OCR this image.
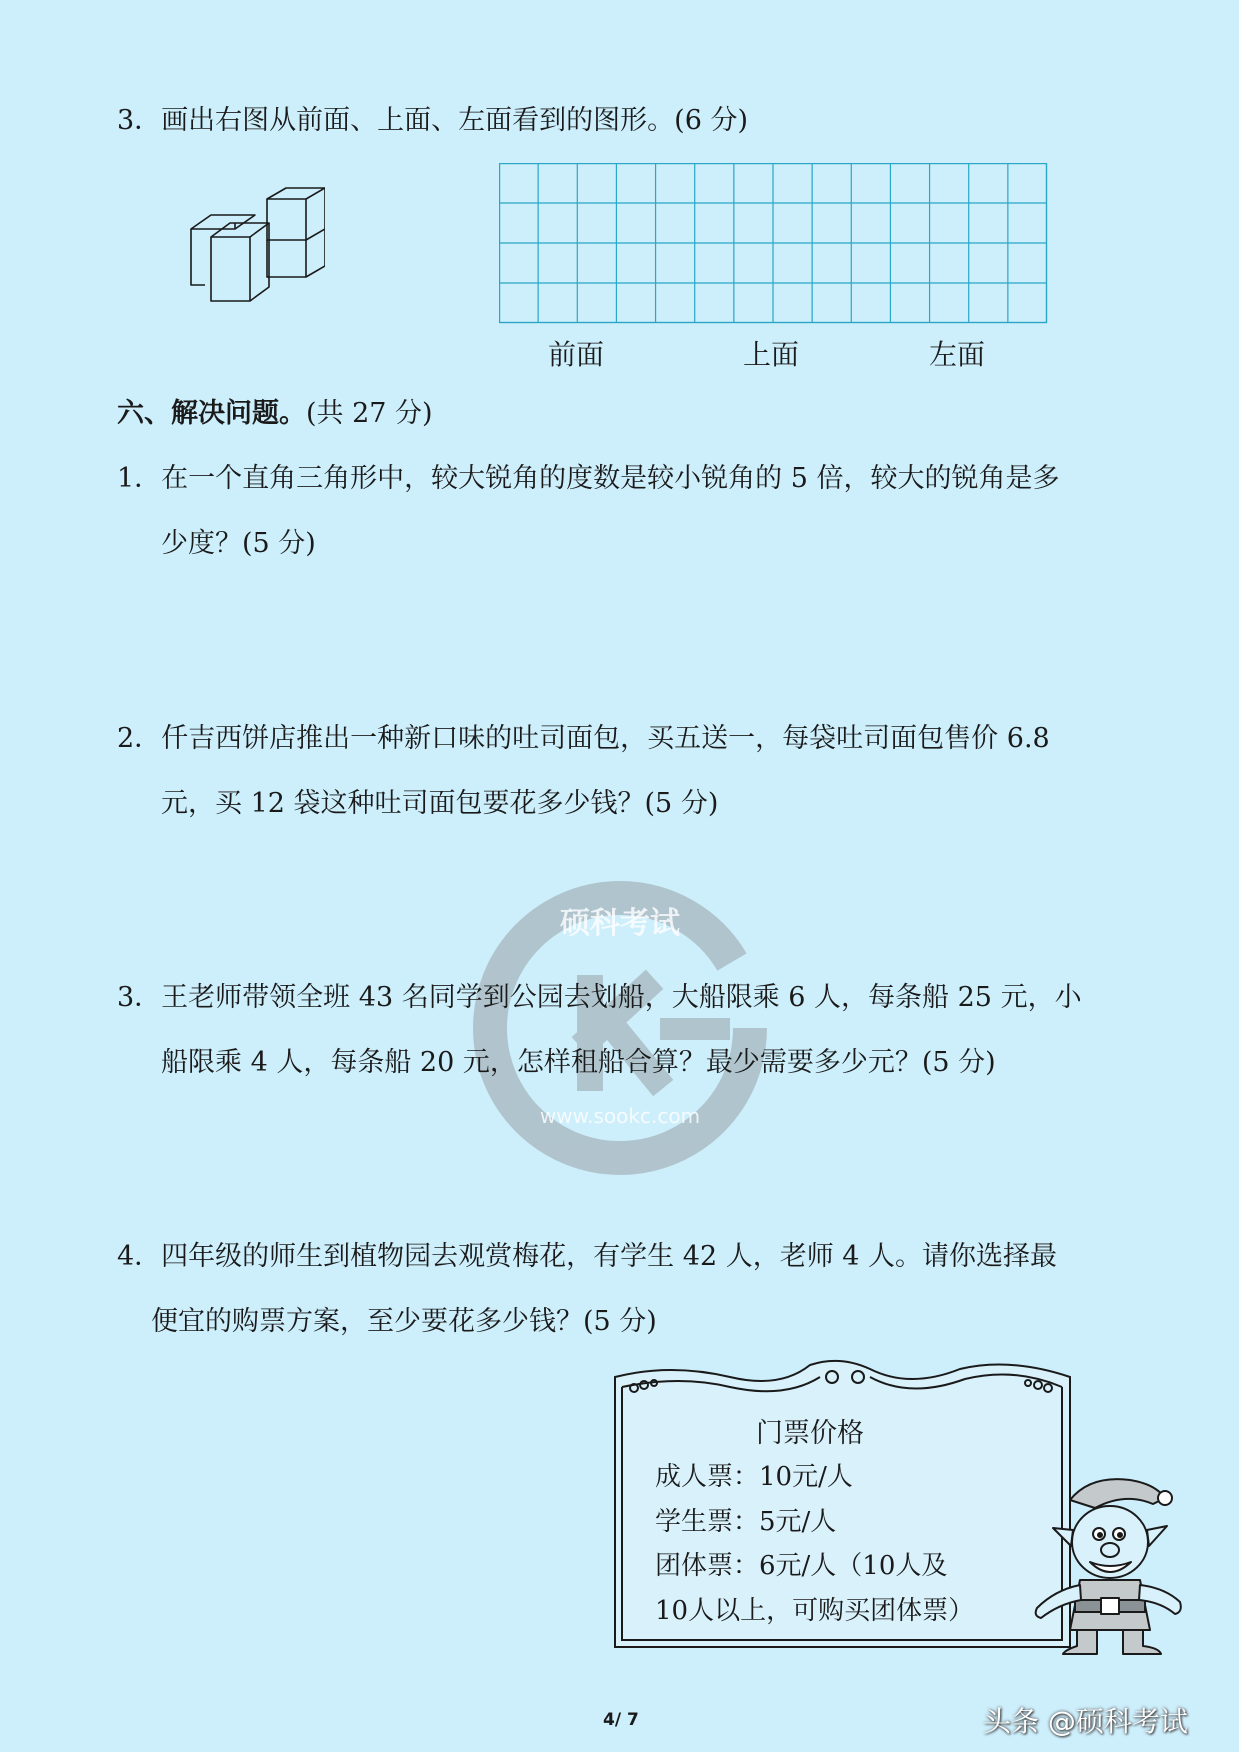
3．画出右图从前面、上面、左面看到的图形。(6 分)
前面	上面	左面
六、解决问题。(共 27 分)
1．在一个直角三角形中，较大锐角的度数是较小锐角的 5 倍，较大的锐角是多
少度？(5 分)
2．仟吉西饼店推出一种新口味的吐司面包，买五送一，每袋吐司面包售价 6.8
元，买 12 袋这种吐司面包要花多少钱？(5 分)
硕科考试
www.sookc.com
3．王老师带领全班 43 名同学到公园去划船，大船限乘 6 人，每条船 25 元，小
船限乘 4 人，每条船 20 元，怎样租船合算？最少需要多少元？(5 分)
4．四年级的师生到植物园去观赏梅花，有学生 42 人，老师 4 人。请你选择最
便宜的购票方案，至少要花多少钱？(5 分)
门票价格
成人票：10元/人
学生票：5元/人
团体票：6元/人（10人及
10人以上，可购买团体票）
4/ 7	头条 @硕科考试
